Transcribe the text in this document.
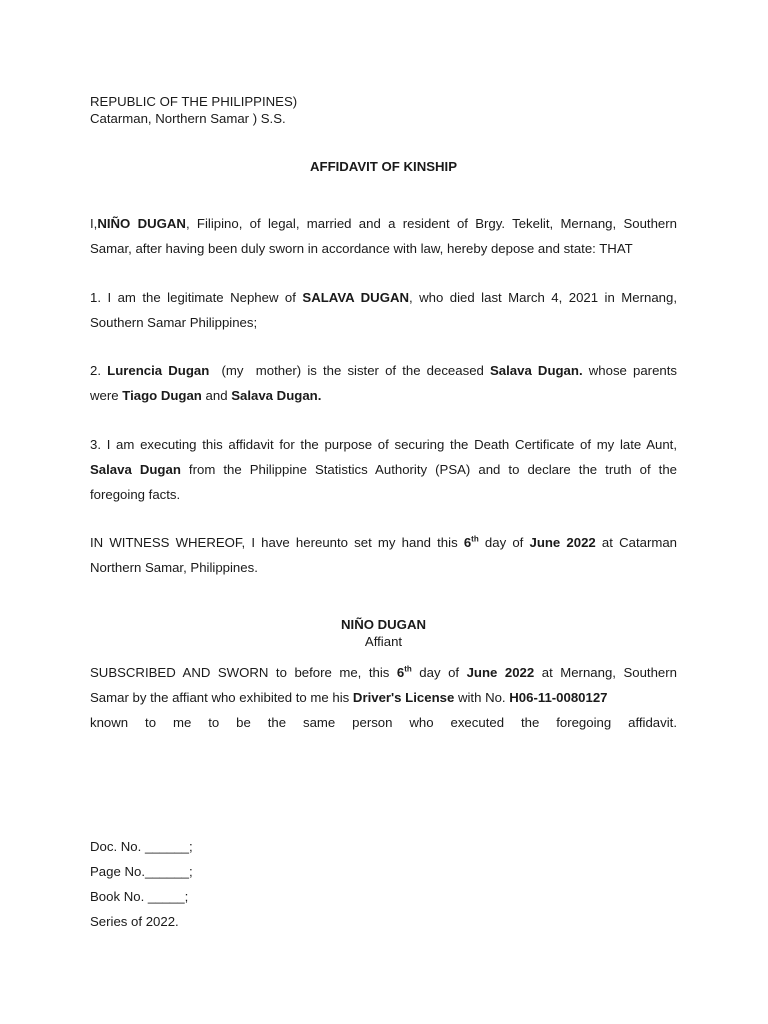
REPUBLIC OF THE PHILIPPINES)
Catarman, Northern Samar ) S.S.
AFFIDAVIT OF KINSHIP
I,NIÑO DUGAN, Filipino, of legal, married and a resident of Brgy. Tekelit, Mernang, Southern
Samar, after having been duly sworn in accordance with law, hereby depose and state: THAT
1. I am the legitimate Nephew of SALAVA DUGAN, who died last March 4, 2021 in Mernang,
Southern Samar Philippines;
2. Lurencia Dugan  (my  mother) is the sister of the deceased Salava Dugan. whose parents
were Tiago Dugan and Salava Dugan.
3. I am executing this affidavit for the purpose of securing the Death Certificate of my late Aunt,
Salava Dugan from the Philippine Statistics Authority (PSA) and to declare the truth of the
foregoing facts.
IN WITNESS WHEREOF, I have hereunto set my hand this 6th day of June 2022 at Catarman
Northern Samar, Philippines.
NIÑO DUGAN
Affiant
SUBSCRIBED AND SWORN to before me, this 6th day of June 2022 at Mernang, Southern
Samar by the affiant who exhibited to me his Driver's License with No. H06-11-0080127
known to me to be the same person who executed the foregoing affidavit.
Doc. No. ______;
Page No.______;
Book No. _____;
Series of 2022.
